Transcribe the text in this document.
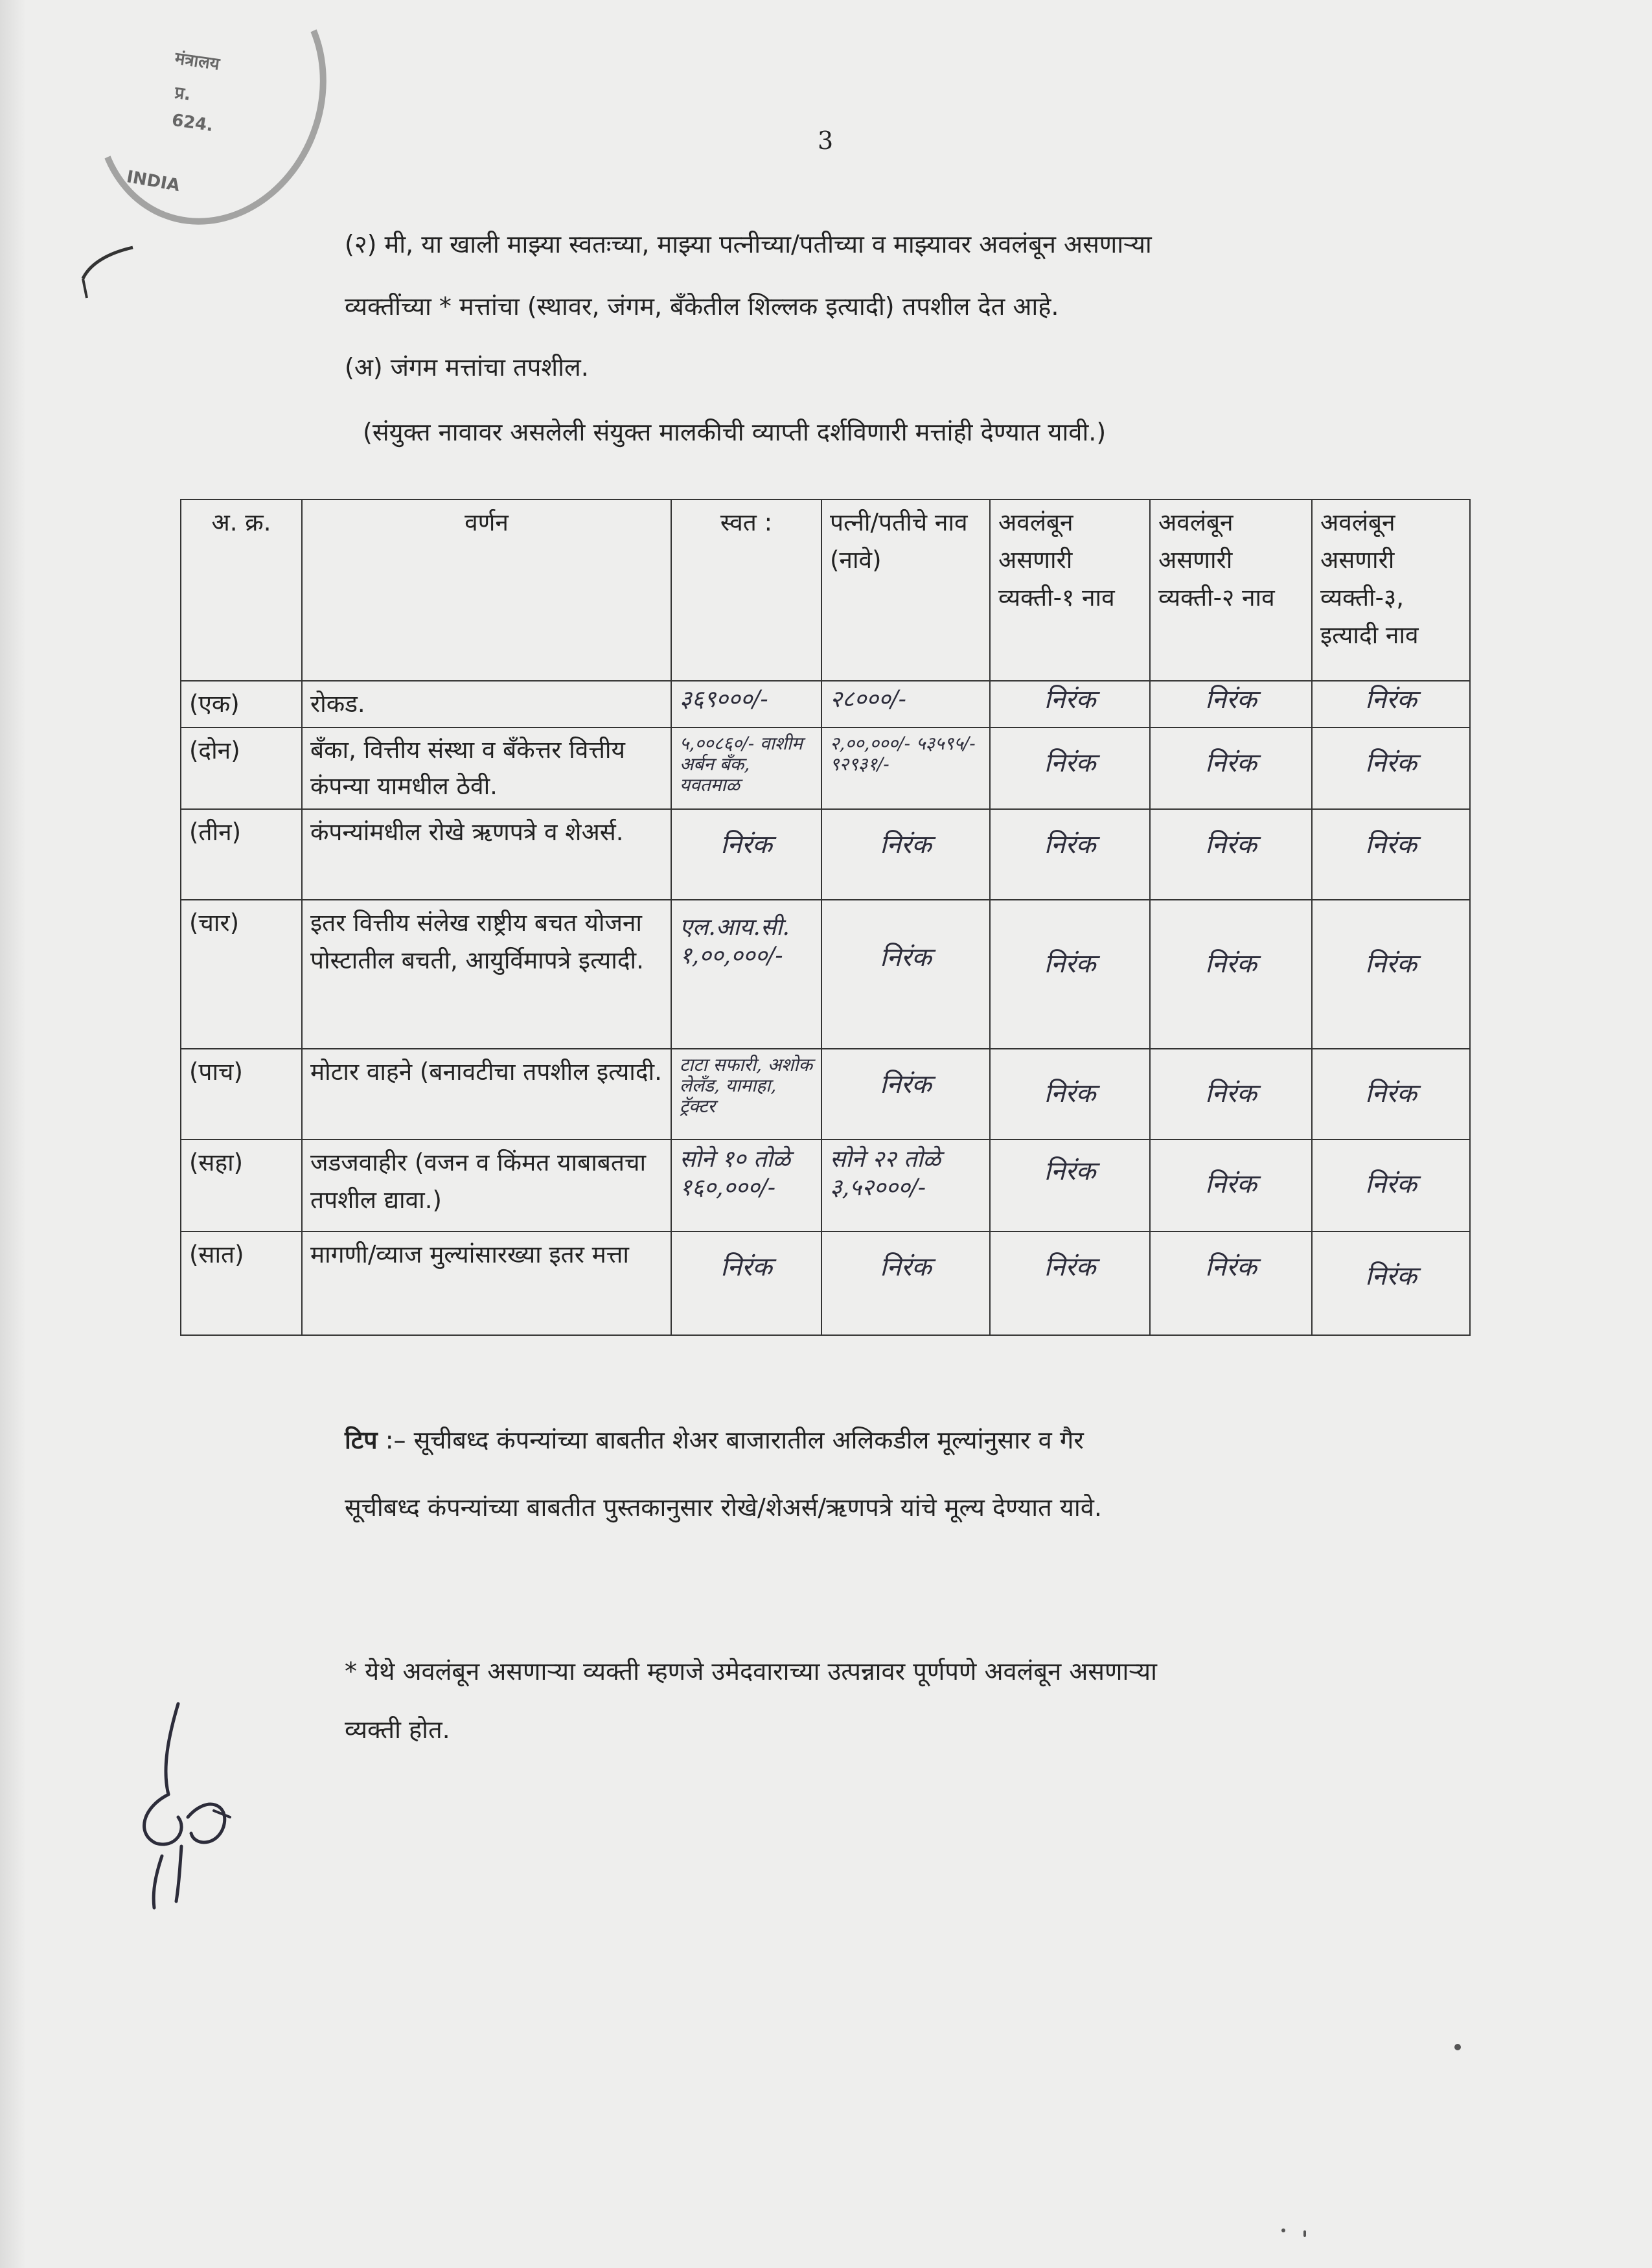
मंत्रालय
प्र.
624.
INDIA
3
(२) मी, या खाली माझ्या स्वतःच्या, माझ्या पत्नीच्या/पतीच्या व माझ्यावर अवलंबून असणाऱ्या
व्यक्तींच्या * मत्तांचा (स्थावर, जंगम, बँकेतील शिल्लक इत्यादी) तपशील देत आहे.
(अ) जंगम मत्तांचा तपशील.
(संयुक्त नावावर असलेली संयुक्त मालकीची व्याप्ती दर्शविणारी मत्तांही देण्यात यावी.)
अ. क्र.	वर्णन	स्वत :	पत्नी/पतीचे नाव (नावे)	अवलंबून असणारी व्यक्ती-१ नाव	अवलंबून असणारी व्यक्ती-२ नाव	अवलंबून असणारी व्यक्ती-३, इत्यादी नाव
(एक)	रोकड.	३६९०००/-	२८०००/-	निरंक	निरंक	निरंक

(दोन)	बँका, वित्तीय संस्था व बँकेत्तर वित्तीय कंपन्या यामधील ठेवी.	५,००८६०/- वाशीम अर्बन बँक, यवतमाळ	२,००,०००/- ५३५९५/- ९२९३१/-	निरंक	निरंक	निरंक

(तीन)	कंपन्यांमधील रोखे ऋणपत्रे व शेअर्स.	निरंक	निरंक	निरंक	निरंक	निरंक

(चार)	इतर वित्तीय संलेख राष्ट्रीय बचत योजना पोस्टातील बचती, आयुर्विमापत्रे इत्यादी.	एल.आय.सी. १,००,०००/-	निरंक	निरंक	निरंक	निरंक

(पाच)	मोटार वाहने (बनावटीचा तपशील इत्यादी.	टाटा सफारी, अशोक लेलँड, यामाहा, ट्रॅक्टर	निरंक	निरंक	निरंक	निरंक

(सहा)	जडजवाहीर (वजन व किंमत याबाबतचा तपशील द्यावा.)	सोने १० तोळे १६०,०००/-	सोने २२ तोळे ३,५२०००/-	निरंक	निरंक	निरंक

(सात)	मागणी/व्याज मुल्यांसारख्या इतर मत्ता	निरंक	निरंक	निरंक	निरंक	निरंक
टिप :– सूचीबध्द कंपन्यांच्या बाबतीत शेअर बाजारातील अलिकडील मूल्यांनुसार व गैर
सूचीबध्द कंपन्यांच्या बाबतीत पुस्तकानुसार रोखे/शेअर्स/ऋणपत्रे यांचे मूल्य देण्यात यावे.
* येथे अवलंबून असणाऱ्या व्यक्ती म्हणजे उमेदवाराच्या उत्पन्नावर पूर्णपणे अवलंबून असणाऱ्या
व्यक्ती होत.
